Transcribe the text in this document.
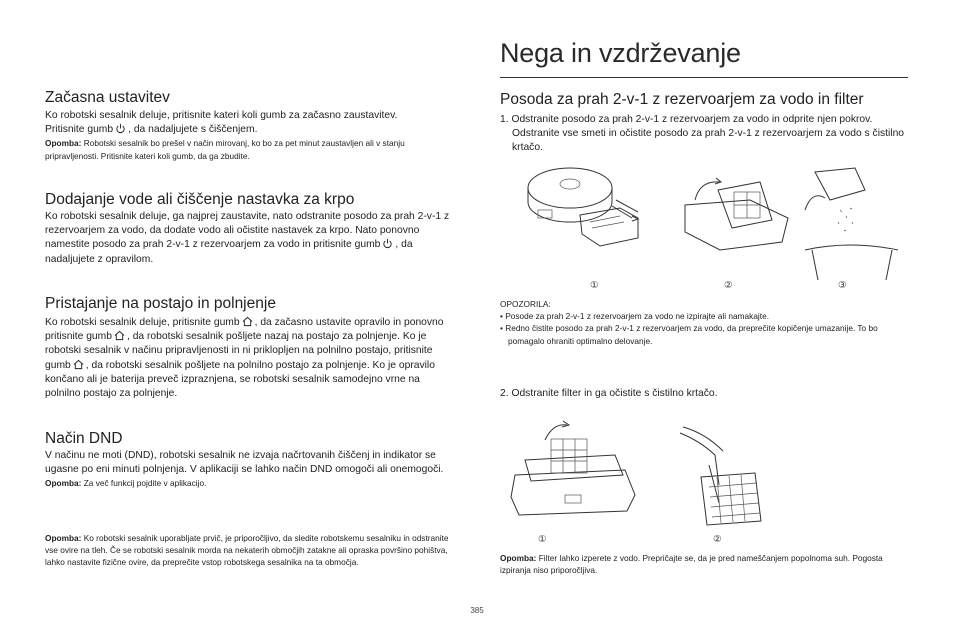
Nega in vzdrževanje
Začasna ustavitev

Ko robotski sesalnik deluje, pritisnite kateri koli gumb za začasno zaustavitev.
Pritisnite gumb , da nadaljujete s čiščenjem.

Opomba: Robotski sesalnik bo prešel v način mirovanj, ko bo za pet minut zaustavljen ali v stanju pripravljenosti. Pritisnite kateri koli gumb, da ga zbudite.

Dodajanje vode ali čiščenje nastavka za krpo

Ko robotski sesalnik deluje, ga najprej zaustavite, nato odstranite posodo za prah 2-v-1 z rezervoarjem za vodo, da dodate vodo ali očistite nastavek za krpo. Nato ponovno namestite posodo za prah 2-v-1 z rezervoarjem za vodo in pritisnite gumb , da nadaljujete z opravilom.

Pristajanje na postajo in polnjenje

Ko robotski sesalnik deluje, pritisnite gumb , da začasno ustavite opravilo in ponovno pritisnite gumb , da robotski sesalnik pošljete nazaj na postajo za polnjenje. Ko je robotski sesalnik v načinu pripravljenosti in ni priklopljen na polnilno postajo, pritisnite gumb , da robotski sesalnik pošljete na polnilno postajo za polnjenje. Ko je opravilo končano ali je baterija preveč izpraznjena, se robotski sesalnik samodejno vrne na polnilno postajo za polnjenje.

Način DND

V načinu ne moti (DND), robotski sesalnik ne izvaja načrtovanih čiščenj in indikator se ugasne po eni minuti polnjenja. V aplikaciji se lahko način DND omogoči ali onemogoči.

Opomba: Za več funkcij pojdite v aplikacijo.

Opomba: Ko robotski sesalnik uporabljate prvič, je priporočljivo, da sledite robotskemu sesalniku in odstranite vse ovire na tleh. Če se robotski sesalnik morda na nekaterih območjih zatakne ali opraska površino pohištva, lahko nastavite fizične ovire, da preprečite vstop robotskega sesalnika na ta območja.

Posoda za prah 2-v-1 z rezervoarjem za vodo in filter

1. Odstranite posodo za prah 2-v-1 z rezervoarjem za vodo in odprite njen pokrov. Odstranite vse smeti in očistite posodo za prah 2-v-1 z rezervoarjem za vodo s čistilno krtačo.

①	②	③

OPOZORILA:

• Posode za prah 2-v-1 z rezervoarjem za vodo ne izpirajte ali namakajte.

• Redno čistite posodo za prah 2-v-1 z rezervoarjem za vodo, da preprečite kopičenje umazanije. To bo pomagalo ohraniti optimalno delovanje.

2. Odstranite filter in ga očistite s čistilno krtačo.

①	②

Opomba: Filter lahko izperete z vodo. Prepričajte se, da je pred nameščanjem popolnoma suh. Pogosta izpiranja niso priporočljiva.

385
